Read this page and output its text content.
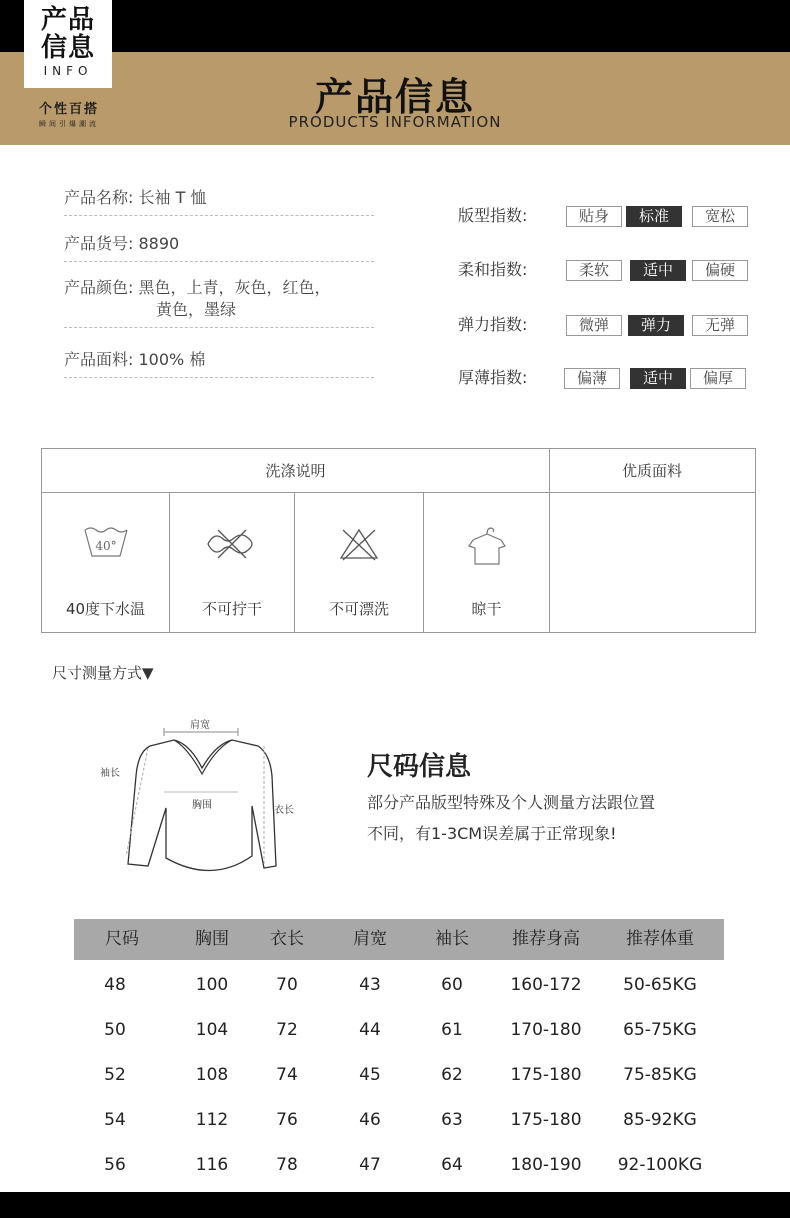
产品
信息
INFO
个性百搭
瞬间引爆潮流
产品信息
PRODUCTS INFORMATION
产品名称: 长袖 T 恤
产品货号: 8890
产品颜色: 黑色，上青，灰色，红色，
黄色，墨绿
产品面料: 100% 棉
版型指数:	贴身	标准	宽松
柔和指数:	柔软	适中	偏硬
弹力指数:	微弹	弹力	无弹
厚薄指数:	偏薄	适中	偏厚
洗涤说明	优质面料
40°
40度下水温	不可拧干	不可漂洗	晾干
尺寸测量方式▼
肩宽
胸围
袖长
衣长
尺码信息
部分产品版型特殊及个人测量方法跟位置
不同，有1-3CM误差属于正常现象!
尺码	胸围	衣长	肩宽	袖长	推荐身高	推荐体重
48	100	70	43	60	160-172	50-65KG
50	104	72	44	61	170-180	65-75KG
52	108	74	45	62	175-180	75-85KG
54	112	76	46	63	175-180	85-92KG
56	116	78	47	64	180-190	92-100KG
